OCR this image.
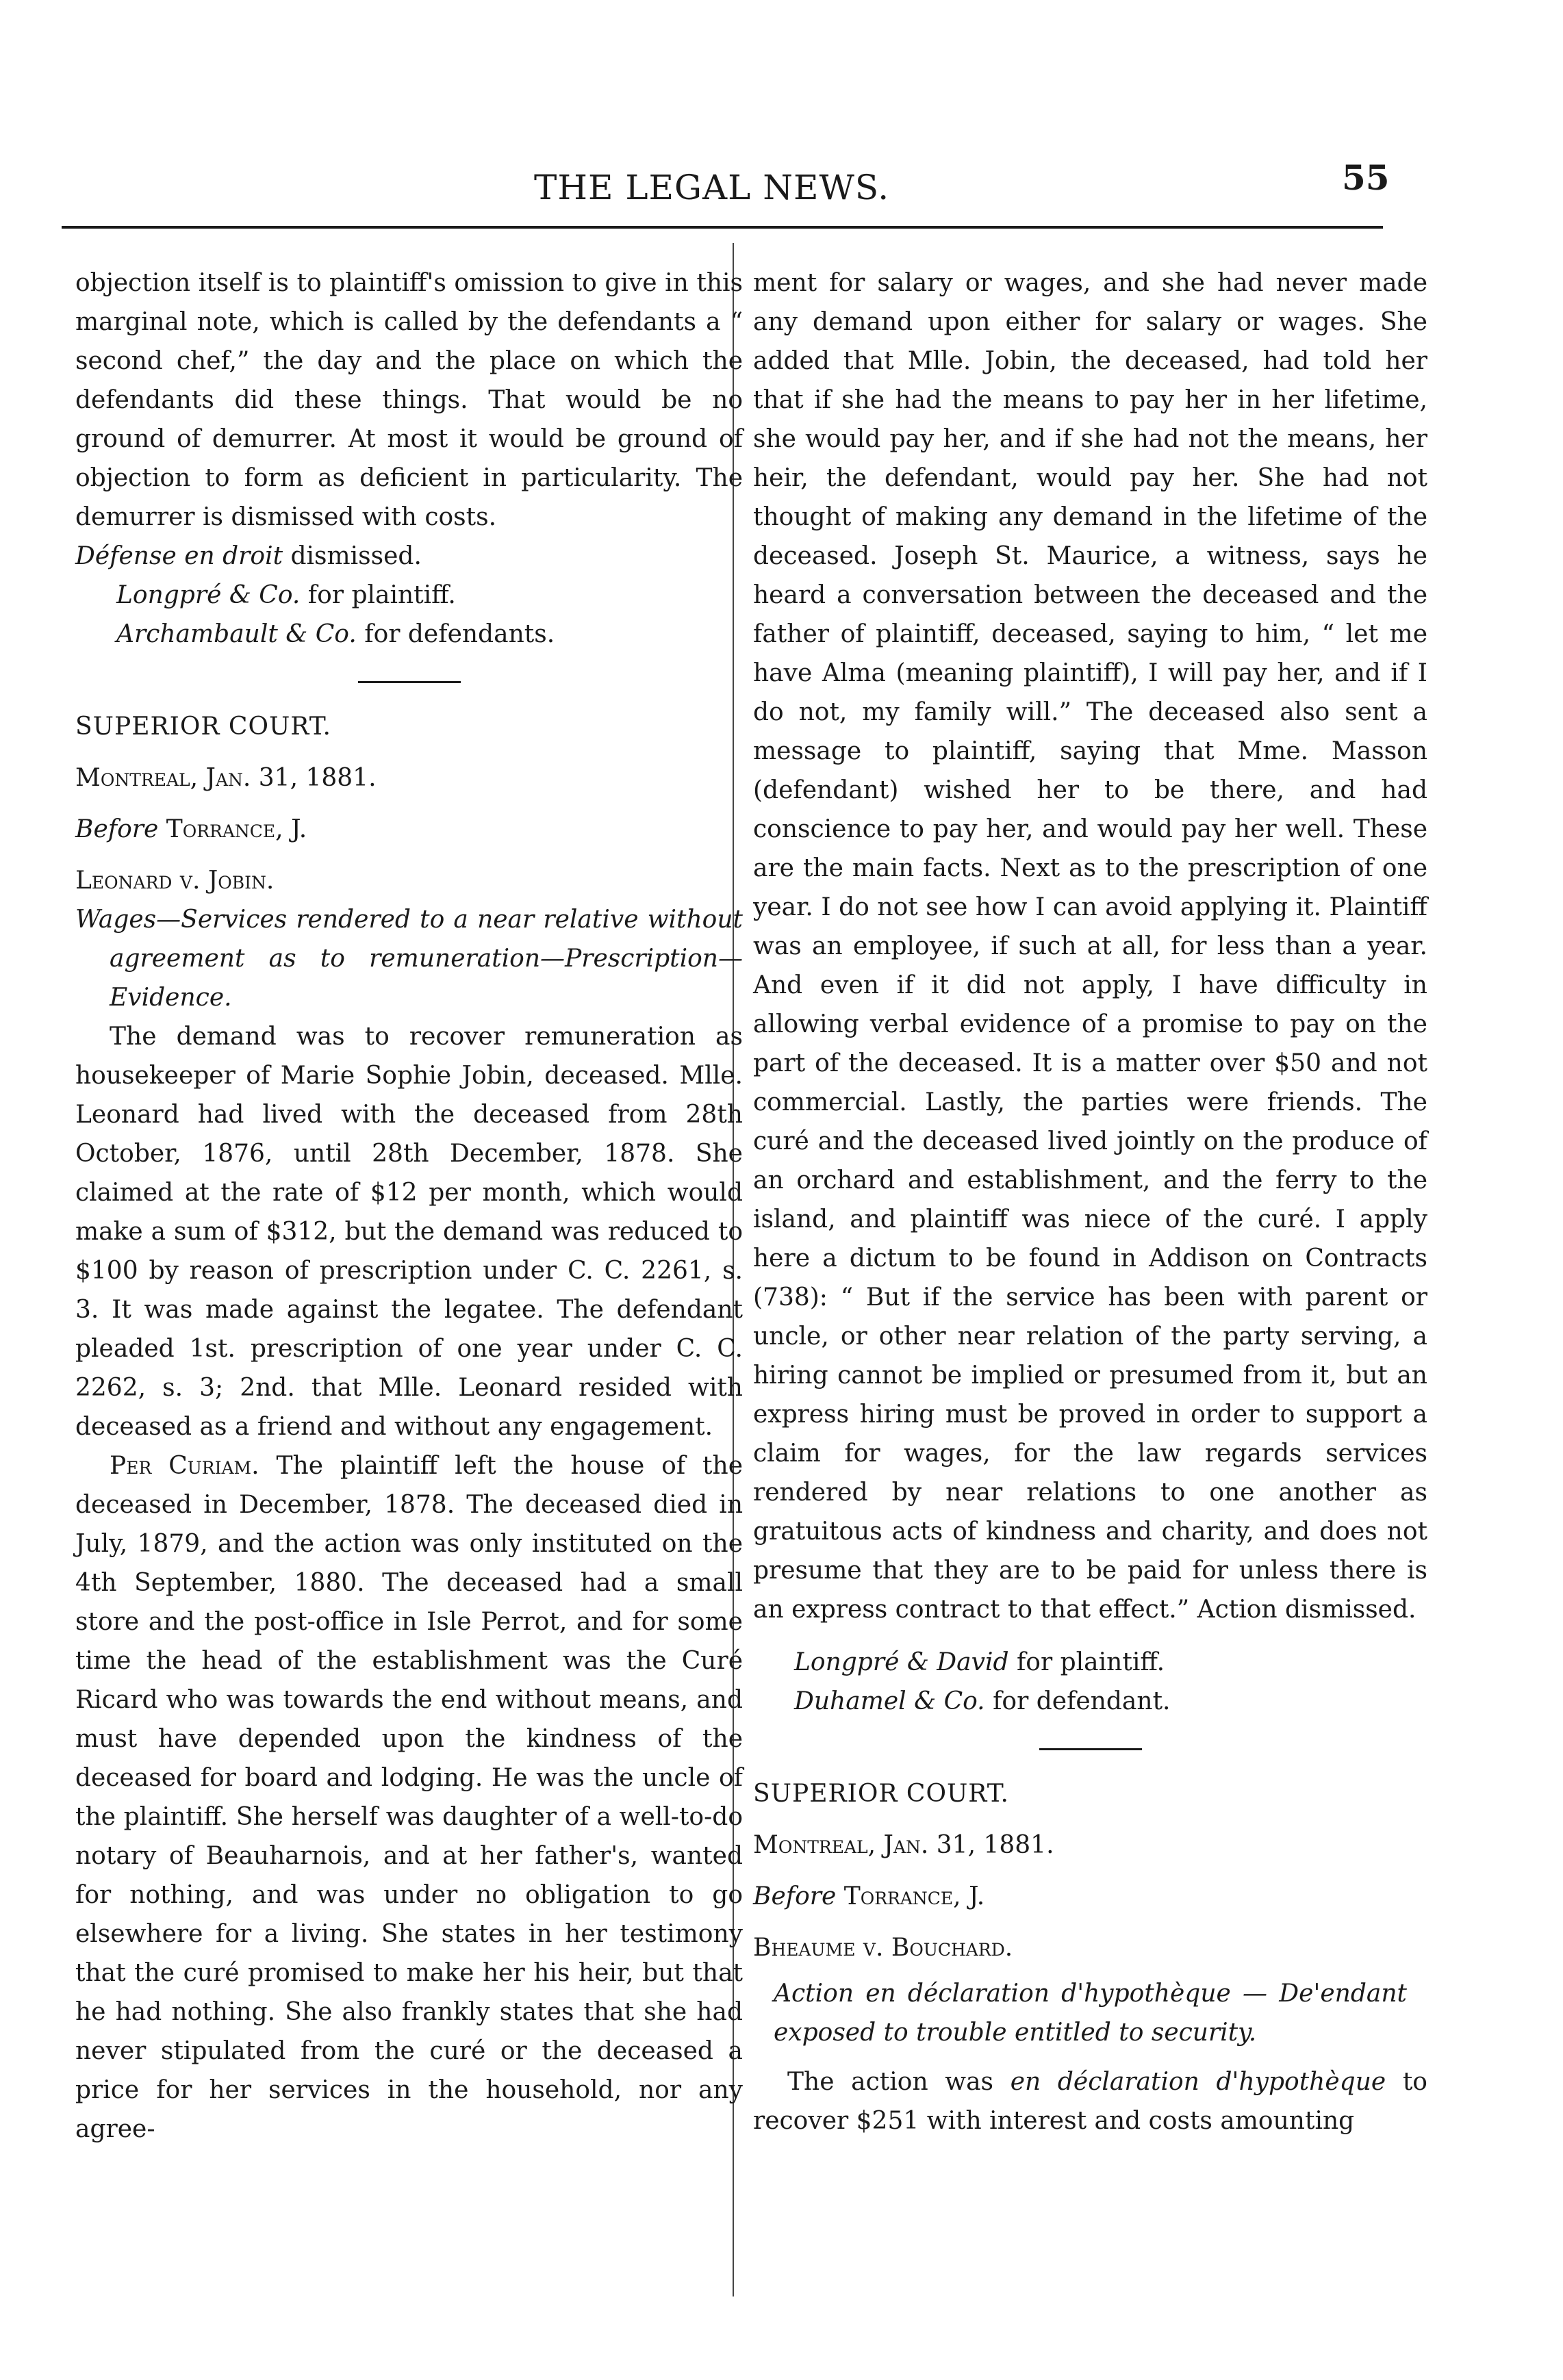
THE LEGAL NEWS.	55

objection itself is to plaintiff's omission to give in this marginal note, which is called by the defendants a “ second chef,” the day and the place on which the defendants did these things. That would be no ground of demurrer. At most it would be ground of objection to form as deficient in particularity. The demurrer is dismissed with costs.

Défense en droit dismissed.

Longpré & Co. for plaintiff.

Archambault & Co. for defendants.

SUPERIOR COURT.

Montreal, Jan. 31, 1881.

Before Torrance, J.

Leonard v. Jobin.

Wages—Services rendered to a near relative without agreement as to remuneration—Prescription—Evidence.

The demand was to recover remuneration as housekeeper of Marie Sophie Jobin, deceased. Mlle. Leonard had lived with the deceased from 28th October, 1876, until 28th December, 1878. She claimed at the rate of $12 per month, which would make a sum of $312, but the demand was reduced to $100 by reason of prescription under C. C. 2261, s. 3. It was made against the legatee. The defendant pleaded 1st. prescription of one year under C. C. 2262, s. 3; 2nd. that Mlle. Leonard resided with deceased as a friend and without any engagement.

Per Curiam. The plaintiff left the house of the deceased in December, 1878. The deceased died in July, 1879, and the action was only instituted on the 4th September, 1880. The deceased had a small store and the post-office in Isle Perrot, and for some time the head of the establishment was the Curé Ricard who was towards the end without means, and must have depended upon the kindness of the deceased for board and lodging. He was the uncle of the plaintiff. She herself was daughter of a well-to-do notary of Beauharnois, and at her father's, wanted for nothing, and was under no obligation to go elsewhere for a living. She states in her testimony that the curé promised to make her his heir, but that he had nothing. She also frankly states that she had never stipulated from the curé or the deceased a price for her services in the household, nor any agree-

ment for salary or wages, and she had never made any demand upon either for salary or wages. She added that Mlle. Jobin, the deceased, had told her that if she had the means to pay her in her lifetime, she would pay her, and if she had not the means, her heir, the defendant, would pay her. She had not thought of making any demand in the lifetime of the deceased. Joseph St. Maurice, a witness, says he heard a conversation between the deceased and the father of plaintiff, deceased, saying to him, “ let me have Alma (meaning plaintiff), I will pay her, and if I do not, my family will.” The deceased also sent a message to plaintiff, saying that Mme. Masson (defendant) wished her to be there, and had conscience to pay her, and would pay her well. These are the main facts. Next as to the prescription of one year. I do not see how I can avoid applying it. Plaintiff was an employee, if such at all, for less than a year. And even if it did not apply, I have difficulty in allowing verbal evidence of a promise to pay on the part of the deceased. It is a matter over $50 and not commercial. Lastly, the parties were friends. The curé and the deceased lived jointly on the produce of an orchard and establishment, and the ferry to the island, and plaintiff was niece of the curé. I apply here a dictum to be found in Addison on Contracts (738): “ But if the service has been with parent or uncle, or other near relation of the party serving, a hiring cannot be implied or presumed from it, but an express hiring must be proved in order to support a claim for wages, for the law regards services rendered by near relations to one another as gratuitous acts of kindness and charity, and does not presume that they are to be paid for unless there is an express contract to that effect.” Action dismissed.

Longpré & David for plaintiff.

Duhamel & Co. for defendant.

SUPERIOR COURT.

Montreal, Jan. 31, 1881.

Before Torrance, J.

Bheaume v. Bouchard.

Action en déclaration d'hypothèque — De'endant exposed to trouble entitled to security.

The action was en déclaration d'hypothèque to recover $251 with interest and costs amounting
